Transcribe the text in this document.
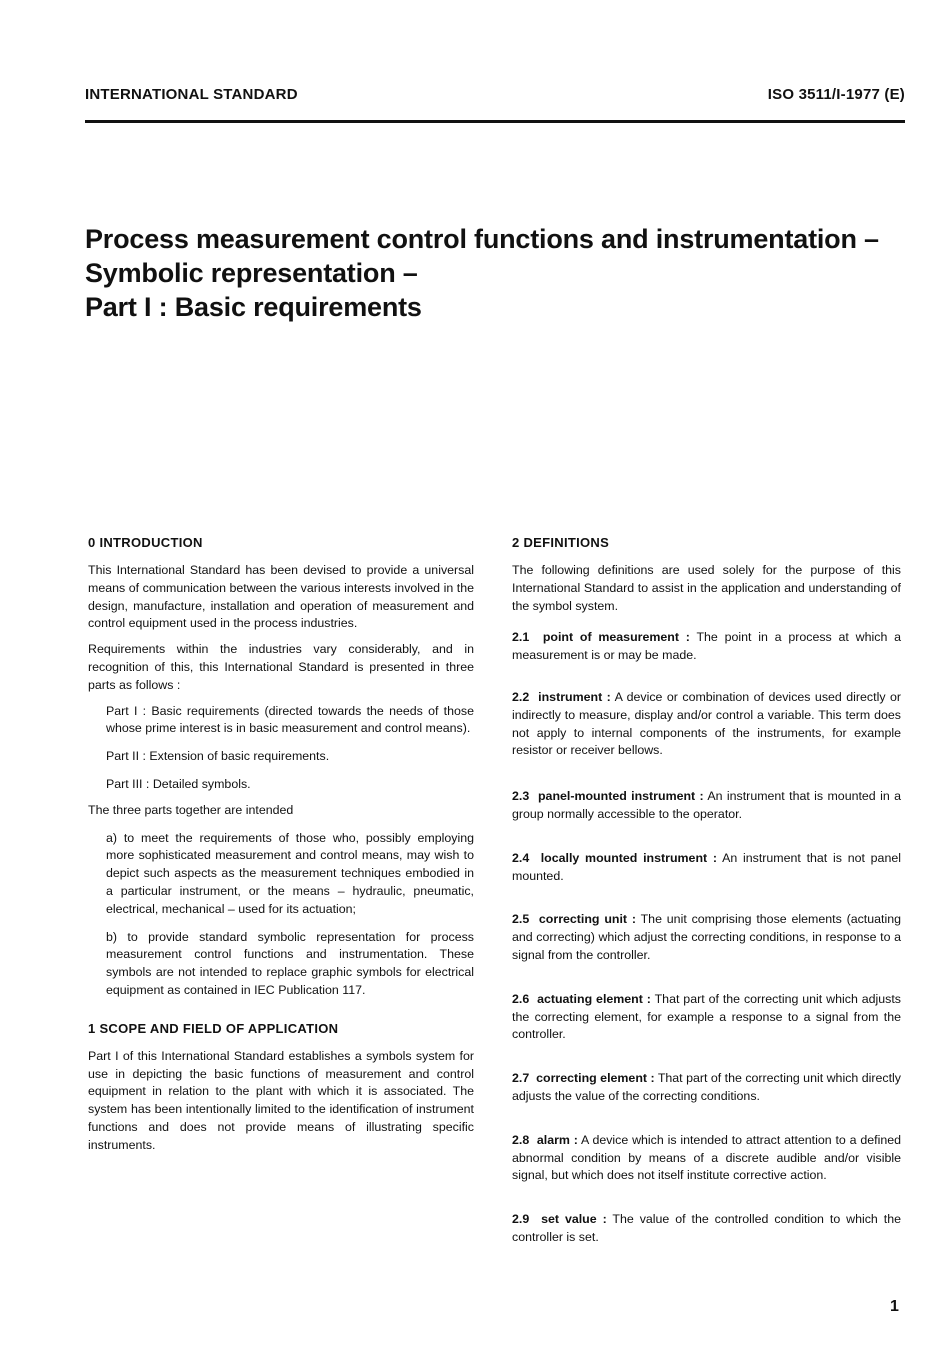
INTERNATIONAL STANDARD	ISO 3511/I-1977 (E)
Process measurement control functions and instrumentation –
Symbolic representation –
Part I : Basic requirements
0 INTRODUCTION
This International Standard has been devised to provide a universal means of communication between the various interests involved in the design, manufacture, installation and operation of measurement and control equipment used in the process industries.
Requirements within the industries vary considerably, and in recognition of this, this International Standard is presented in three parts as follows :
Part I : Basic requirements (directed towards the needs of those whose prime interest is in basic measurement and control means).
Part II : Extension of basic requirements.
Part III : Detailed symbols.
The three parts together are intended
a) to meet the requirements of those who, possibly employing more sophisticated measurement and control means, may wish to depict such aspects as the measurement techniques embodied in a particular instrument, or the means – hydraulic, pneumatic, electrical, mechanical – used for its actuation;
b) to provide standard symbolic representation for process measurement control functions and instrumentation. These symbols are not intended to replace graphic symbols for electrical equipment as contained in IEC Publication 117.
1 SCOPE AND FIELD OF APPLICATION
Part I of this International Standard establishes a symbols system for use in depicting the basic functions of measurement and control equipment in relation to the plant with which it is associated. The system has been intentionally limited to the identification of instrument functions and does not provide means of illustrating specific instruments.
2 DEFINITIONS
The following definitions are used solely for the purpose of this International Standard to assist in the application and understanding of the symbol system.
2.1 point of measurement : The point in a process at which a measurement is or may be made.
2.2 instrument : A device or combination of devices used directly or indirectly to measure, display and/or control a variable. This term does not apply to internal components of the instruments, for example resistor or receiver bellows.
2.3 panel-mounted instrument : An instrument that is mounted in a group normally accessible to the operator.
2.4 locally mounted instrument : An instrument that is not panel mounted.
2.5 correcting unit : The unit comprising those elements (actuating and correcting) which adjust the correcting conditions, in response to a signal from the controller.
2.6 actuating element : That part of the correcting unit which adjusts the correcting element, for example a response to a signal from the controller.
2.7 correcting element : That part of the correcting unit which directly adjusts the value of the correcting conditions.
2.8 alarm : A device which is intended to attract attention to a defined abnormal condition by means of a discrete audible and/or visible signal, but which does not itself institute corrective action.
2.9 set value : The value of the controlled condition to which the controller is set.
1
